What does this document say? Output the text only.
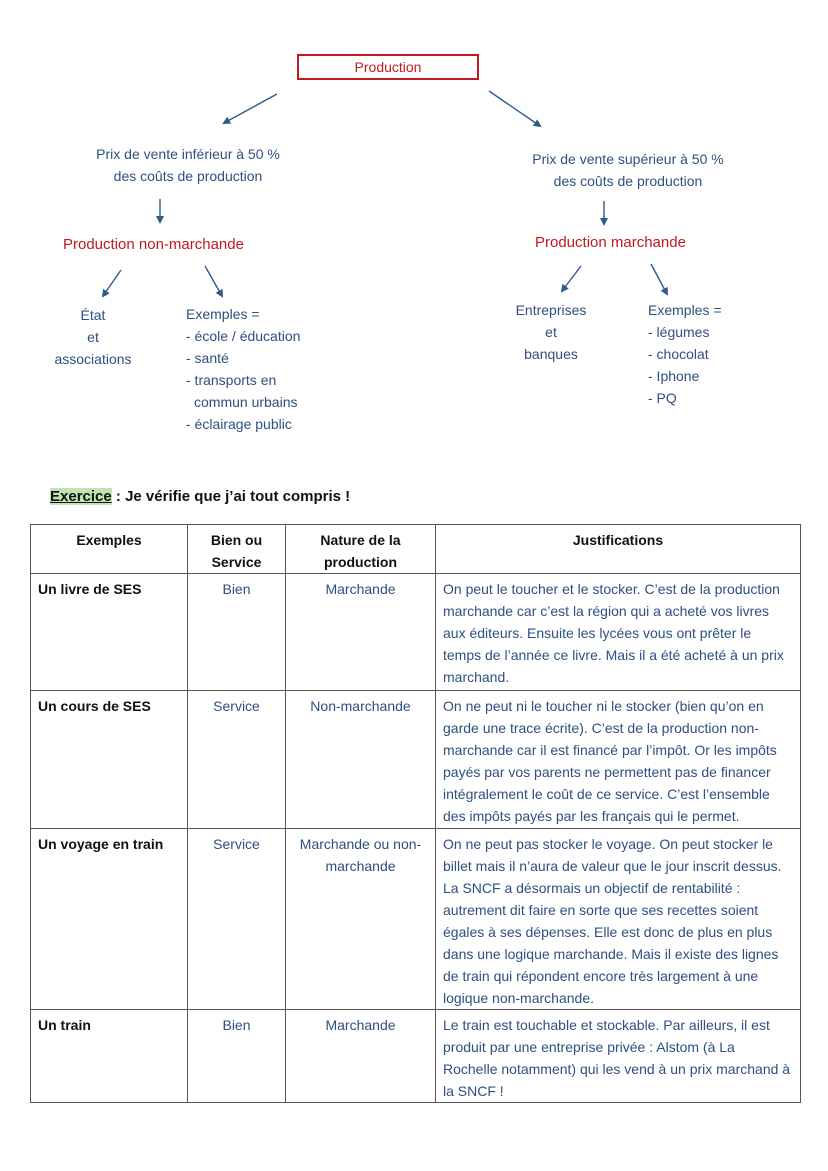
Production
Prix de vente inférieur à 50 %
des coûts de production
Production non-marchande
État
et
associations
Exemples =
- école / éducation
- santé
- transports en
commun urbains
- éclairage public
Prix de vente supérieur à 50 %
des coûts de production
Production marchande
Entreprises
et
banques
Exemples =
- légumes
- chocolat
- Iphone
- PQ
Exercice : Je vérifie que j’ai tout compris !
Exemples	Bien ou Service	Nature de la production	Justifications
Un livre de SES	Bien	Marchande	On peut le toucher et le stocker. C’est de la production marchande car c’est la région qui a acheté vos livres aux éditeurs. Ensuite les lycées vous ont prêter le temps de l’année ce livre. Mais il a été acheté à un prix marchand.
Un cours de SES	Service	Non-marchande	On ne peut ni le toucher ni le stocker (bien qu’on en garde une trace écrite). C’est de la production non-marchande car il est financé par l’impôt. Or les impôts payés par vos parents ne permettent pas de financer intégralement le coût de ce service. C’est l’ensemble des impôts payés par les français qui le permet.
Un voyage en train	Service	Marchande ou non-marchande	On ne peut pas stocker le voyage. On peut stocker le billet mais il n’aura de valeur que le jour inscrit dessus. La SNCF a désormais un objectif de rentabilité : autrement dit faire en sorte que ses recettes soient égales à ses dépenses. Elle est donc de plus en plus dans une logique marchande. Mais il existe des lignes de train qui répondent encore très largement à une logique non-marchande.
Un train	Bien	Marchande	Le train est touchable et stockable. Par ailleurs, il est produit par une entreprise privée : Alstom (à La Rochelle notamment) qui les vend à un prix marchand à la SNCF !
